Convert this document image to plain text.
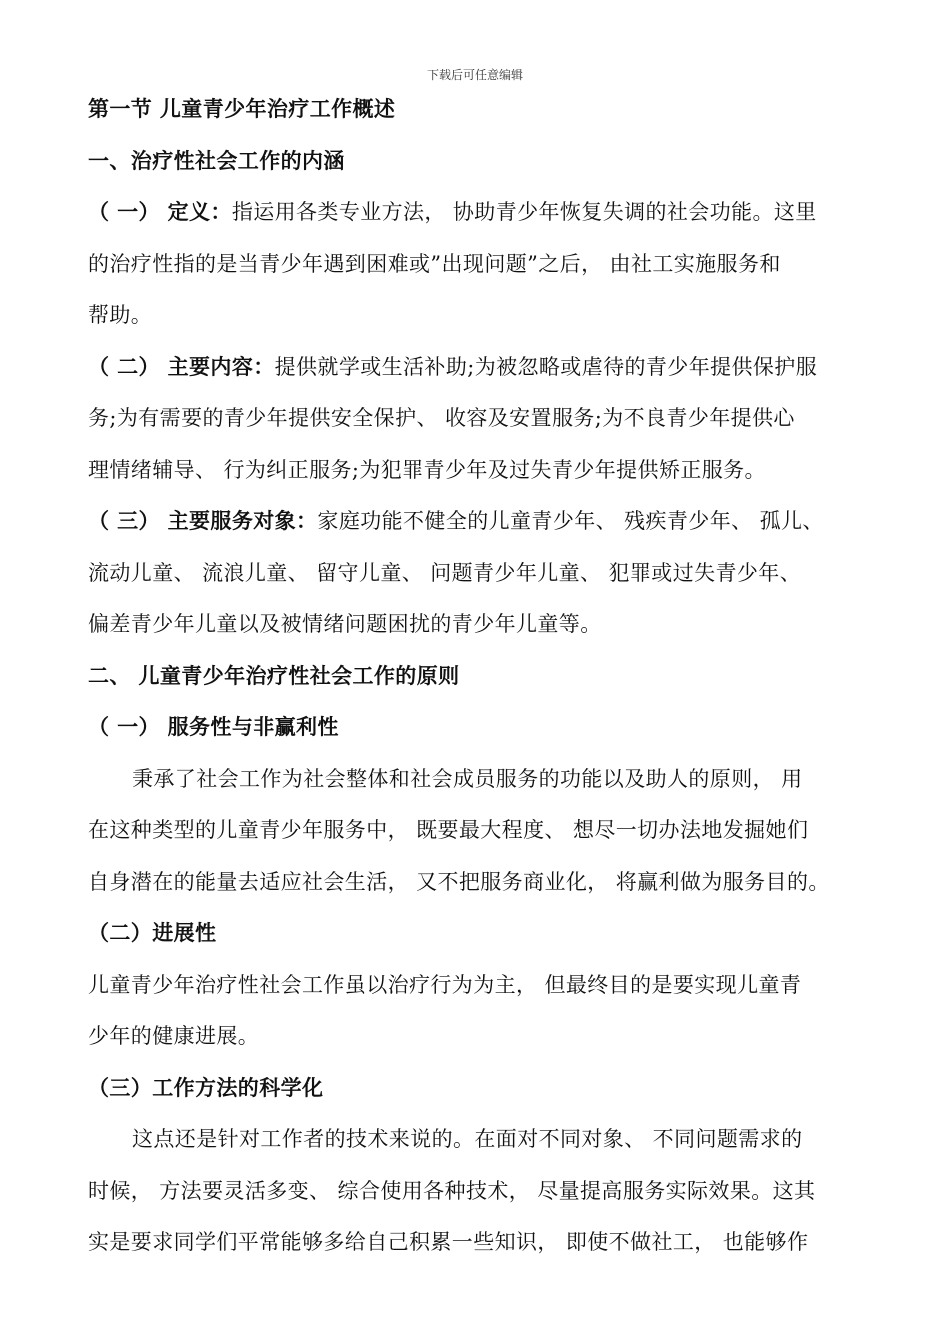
下载后可任意编辑
第一节 儿童青少年治疗工作概述
一、治疗性社会工作的内涵
（ 一） 定义：指运用各类专业方法， 协助青少年恢复失调的社会功能。这里
的治疗性指的是当青少年遇到困难或”出现问题”之后， 由社工实施服务和
帮助。
（ 二） 主要内容：提供就学或生活补助;为被忽略或虐待的青少年提供保护服
务;为有需要的青少年提供安全保护、 收容及安置服务;为不良青少年提供心
理情绪辅导、 行为纠正服务;为犯罪青少年及过失青少年提供矫正服务。
（ 三） 主要服务对象：家庭功能不健全的儿童青少年、 残疾青少年、 孤儿、
流动儿童、 流浪儿童、 留守儿童、 问题青少年儿童、 犯罪或过失青少年、
偏差青少年儿童以及被情绪问题困扰的青少年儿童等。
二、 儿童青少年治疗性社会工作的原则
（ 一） 服务性与非赢利性
秉承了社会工作为社会整体和社会成员服务的功能以及助人的原则， 用
在这种类型的儿童青少年服务中， 既要最大程度、 想尽一切办法地发掘她们
自身潜在的能量去适应社会生活， 又不把服务商业化， 将赢利做为服务目的。
（二）进展性
儿童青少年治疗性社会工作虽以治疗行为为主， 但最终目的是要实现儿童青
少年的健康进展。
（三）工作方法的科学化
这点还是针对工作者的技术来说的。在面对不同对象、 不同问题需求的
时候， 方法要灵活多变、 综合使用各种技术， 尽量提高服务实际效果。这其
实是要求同学们平常能够多给自己积累一些知识， 即使不做社工， 也能够作
